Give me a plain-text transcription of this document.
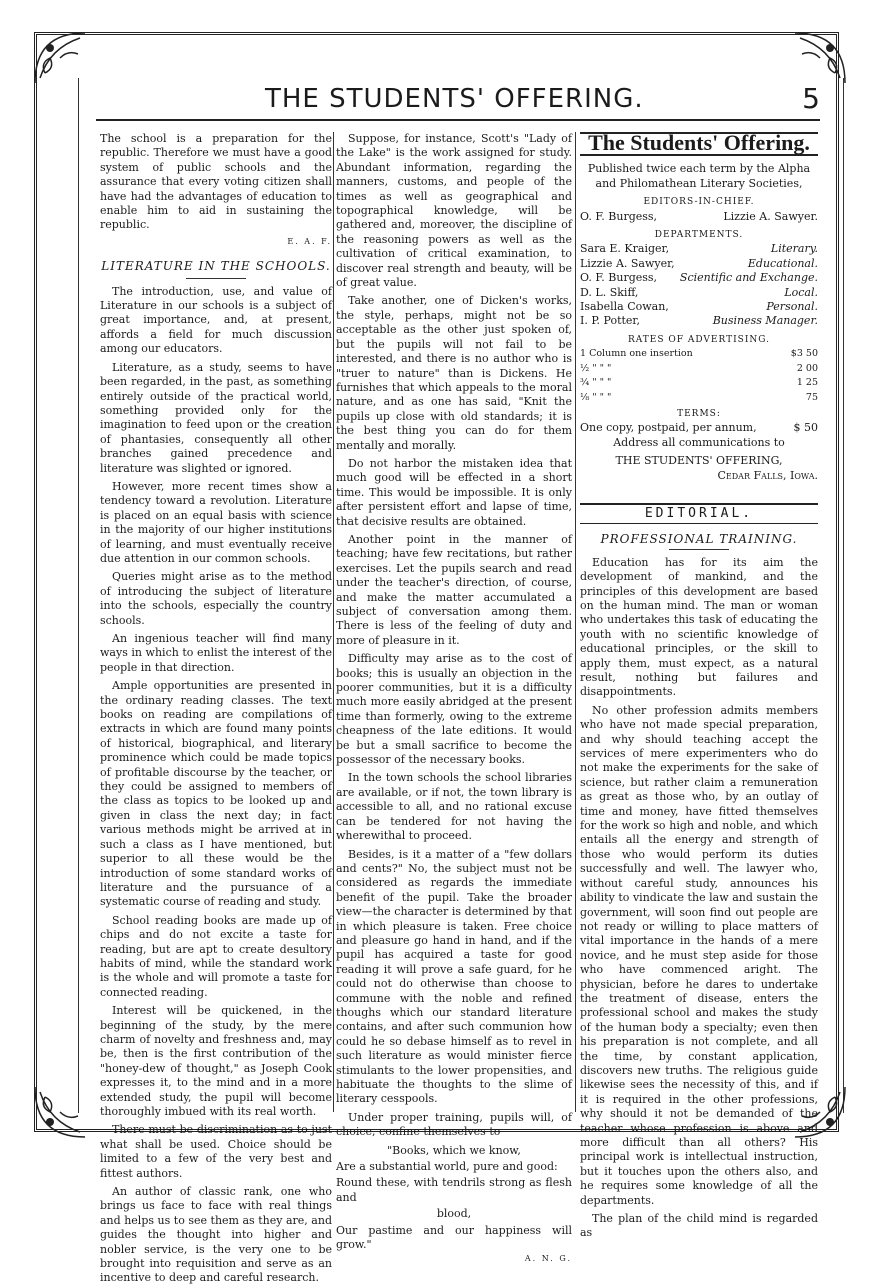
THE STUDENTS' OFFERING.	5

The school is a preparation for the republic. Therefore we must have a good system of public schools and the assurance that every voting citizen shall have had the advantages of education to enable him to aid in sustaining the republic.

E. A. F.
LITERATURE IN THE SCHOOLS.

The introduction, use, and value of Literature in our schools is a subject of great importance, and, at present, affords a field for much discussion among our educators.

Literature, as a study, seems to have been regarded, in the past, as something entirely outside of the practical world, something provided only for the imagination to feed upon or the creation of phantasies, consequently all other branches gained precedence and literature was slighted or ignored.

However, more recent times show a tendency toward a revolution. Literature is placed on an equal basis with science in the majority of our higher institutions of learning, and must eventually receive due attention in our common schools.

Queries might arise as to the method of introducing the subject of literature into the schools, especially the country schools.

An ingenious teacher will find many ways in which to enlist the interest of the people in that direction.

Ample opportunities are presented in the ordinary reading classes. The text books on reading are compilations of extracts in which are found many points of historical, biographical, and literary prominence which could be made topics of profitable discourse by the teacher, or they could be assigned to members of the class as topics to be looked up and given in class the next day; in fact various methods might be arrived at in such a class as I have mentioned, but superior to all these would be the introduction of some standard works of literature and the pursuance of a systematic course of reading and study.

School reading books are made up of chips and do not excite a taste for reading, but are apt to create desultory habits of mind, while the standard work is the whole and will promote a taste for connected reading.

Interest will be quickened, in the beginning of the study, by the mere charm of novelty and freshness and, may be, then is the first contribution of the "honey-dew of thought," as Joseph Cook expresses it, to the mind and in a more extended study, the pupil will become thoroughly imbued with its real worth.

There must be discrimination as to just what shall be used. Choice should be limited to a few of the very best and fittest authors.

An author of classic rank, one who brings us face to face with real things and helps us to see them as they are, and guides the thought into higher and nobler service, is the very one to be brought into requisition and serve as an incentive to deep and careful research.

Suppose, for instance, Scott's "Lady of the Lake" is the work assigned for study. Abundant information, regarding the manners, customs, and people of the times as well as geographical and topographical knowledge, will be gathered and, moreover, the discipline of the reasoning powers as well as the cultivation of critical examination, to discover real strength and beauty, will be of great value.

Take another, one of Dicken's works, the style, perhaps, might not be so acceptable as the other just spoken of, but the pupils will not fail to be interested, and there is no author who is "truer to nature" than is Dickens. He furnishes that which appeals to the moral nature, and as one has said, "Knit the pupils up close with old standards; it is the best thing you can do for them mentally and morally.

Do not harbor the mistaken idea that much good will be effected in a short time. This would be impossible. It is only after persistent effort and lapse of time, that decisive results are obtained.

Another point in the manner of teaching; have few recitations, but rather exercises. Let the pupils search and read under the teacher's direction, of course, and make the matter accumulated a subject of conversation among them. There is less of the feeling of duty and more of pleasure in it.

Difficulty may arise as to the cost of books; this is usually an objection in the poorer communities, but it is a difficulty much more easily abridged at the present time than formerly, owing to the extreme cheapness of the late editions. It would be but a small sacrifice to become the possessor of the necessary books.

In the town schools the school libraries are available, or if not, the town library is accessible to all, and no rational excuse can be tendered for not having the wherewithal to proceed.

Besides, is it a matter of a "few dollars and cents?" No, the subject must not be considered as regards the immediate benefit of the pupil. Take the broader view—the character is determined by that in which pleasure is taken. Free choice and pleasure go hand in hand, and if the pupil has acquired a taste for good reading it will prove a safe guard, for he could not do otherwise than choose to commune with the noble and refined thoughs which our standard literature contains, and after such communion how could he so debase himself as to revel in such literature as would minister fierce stimulants to the lower propensities, and habituate the thoughts to the slime of literary cesspools.

Under proper training, pupils will, of choice, confine themselves to

"Books, which we know,

Are a substantial world, pure and good:

Round these, with tendrils strong as flesh and

blood,

Our pastime and our happiness will grow."

A. N. G.
The Students' Offering.

Published twice each term by the Alpha and Philomathean Literary Societies,

EDITORS-IN-CHIEF.
O. F. Burgess,	Lizzie A. Sawyer.
DEPARTMENTS.
Sara E. Kraiger,	Literary.
Lizzie A. Sawyer,	Educational.
O. F. Burgess, Scientific and Exchange.
D. L. Skiff,	Local.
Isabella Cowan,	Personal.
I. P. Potter,	Business Manager.
RATES OF ADVERTISING.
1 Column one insertion	$3 50
½ " " "	2 00
¾ " " "	1 25
⅛ " " "	75
TERMS:
One copy, postpaid, per annum,	$ 50
Address all communications to
THE STUDENTS' OFFERING,
Cedar Falls, Iowa.
EDITORIAL.
PROFESSIONAL TRAINING.

Education has for its aim the development of mankind, and the principles of this development are based on the human mind. The man or woman who undertakes this task of educating the youth with no scientific knowledge of educational principles, or the skill to apply them, must expect, as a natural result, nothing but failures and disappointments.

No other profession admits members who have not made special preparation, and why should teaching accept the services of mere experimenters who do not make the experiments for the sake of science, but rather claim a remuneration as great as those who, by an outlay of time and money, have fitted themselves for the work so high and noble, and which entails all the energy and strength of those who would perform its duties successfully and well. The lawyer who, without careful study, announces his ability to vindicate the law and sustain the government, will soon find out people are not ready or willing to place matters of vital importance in the hands of a mere novice, and he must step aside for those who have commenced aright. The physician, before he dares to undertake the treatment of disease, enters the professional school and makes the study of the human body a specialty; even then his preparation is not complete, and all the time, by constant application, discovers new truths. The religious guide likewise sees the necessity of this, and if it is required in the other professions, why should it not be demanded of the teacher whose profession is above and more difficult than all others? His principal work is intellectual instruction, but it touches upon the others also, and he requires some knowledge of all the departments.

The plan of the child mind is regarded as
